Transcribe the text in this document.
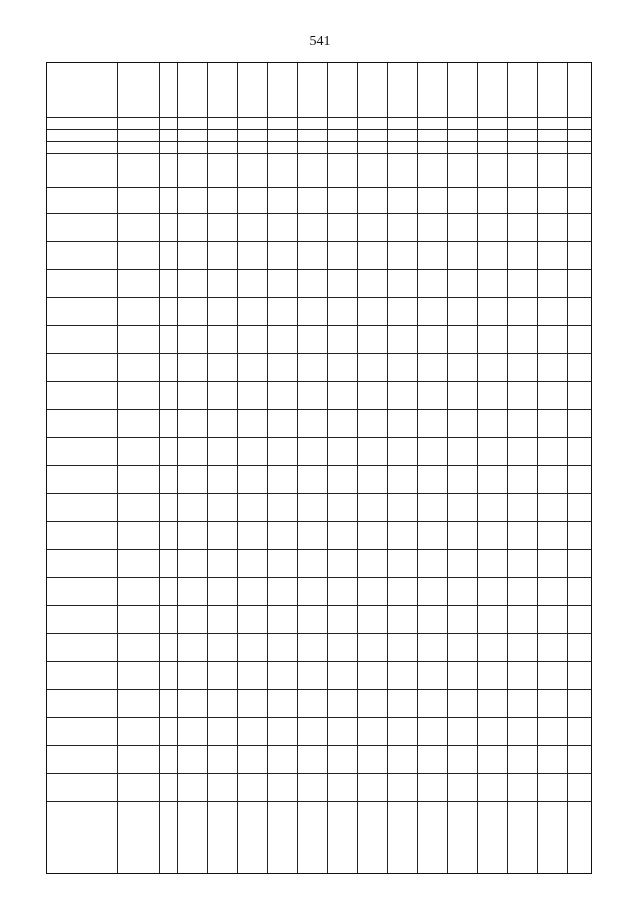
541
